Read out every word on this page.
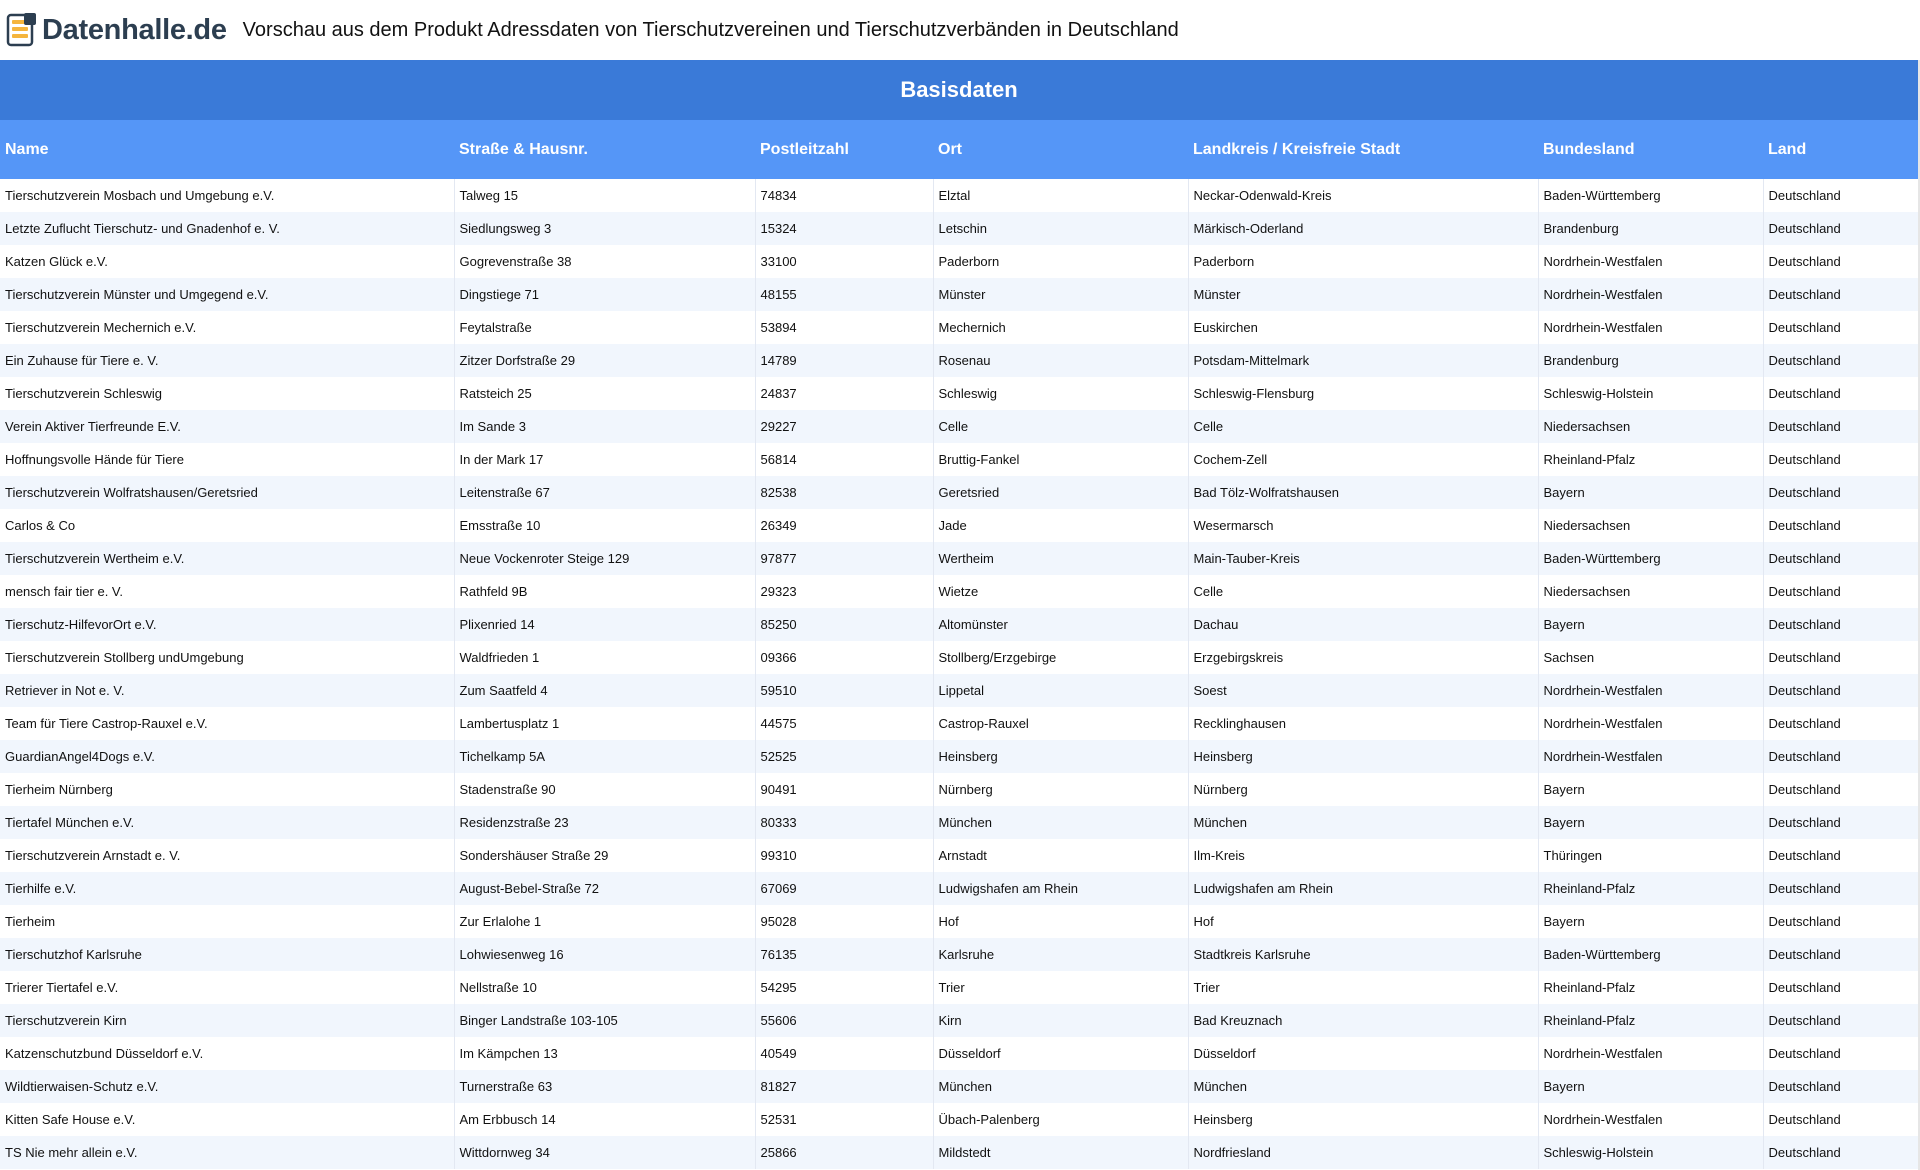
Datenhalle.de Vorschau aus dem Produkt Adressdaten von Tierschutzvereinen und Tierschutzverbänden in Deutschland
Basisdaten						
Name	Straße & Hausnr.	Postleitzahl	Ort	Landkreis / Kreisfreie Stadt	Bundesland	Land
Tierschutzverein Mosbach und Umgebung e.V.	Talweg 15	74834	Elztal	Neckar-Odenwald-Kreis	Baden-Württemberg	Deutschland
Letzte Zuflucht Tierschutz- und Gnadenhof e. V.	Siedlungsweg 3	15324	Letschin	Märkisch-Oderland	Brandenburg	Deutschland
Katzen Glück e.V.	Gogrevenstraße 38	33100	Paderborn	Paderborn	Nordrhein-Westfalen	Deutschland
Tierschutzverein Münster und Umgegend e.V.	Dingstiege 71	48155	Münster	Münster	Nordrhein-Westfalen	Deutschland
Tierschutzverein Mechernich e.V.	Feytalstraße	53894	Mechernich	Euskirchen	Nordrhein-Westfalen	Deutschland
Ein Zuhause für Tiere e. V.	Zitzer Dorfstraße 29	14789	Rosenau	Potsdam-Mittelmark	Brandenburg	Deutschland
Tierschutzverein Schleswig	Ratsteich 25	24837	Schleswig	Schleswig-Flensburg	Schleswig-Holstein	Deutschland
Verein Aktiver Tierfreunde E.V.	Im Sande 3	29227	Celle	Celle	Niedersachsen	Deutschland
Hoffnungsvolle Hände für Tiere	In der Mark 17	56814	Bruttig-Fankel	Cochem-Zell	Rheinland-Pfalz	Deutschland
Tierschutzverein Wolfratshausen/Geretsried	Leitenstraße 67	82538	Geretsried	Bad Tölz-Wolfratshausen	Bayern	Deutschland
Carlos & Co	Emsstraße 10	26349	Jade	Wesermarsch	Niedersachsen	Deutschland
Tierschutzverein Wertheim e.V.	Neue Vockenroter Steige 129	97877	Wertheim	Main-Tauber-Kreis	Baden-Württemberg	Deutschland
mensch fair tier e. V.	Rathfeld 9B	29323	Wietze	Celle	Niedersachsen	Deutschland
Tierschutz-HilfevorOrt e.V.	Plixenried 14	85250	Altomünster	Dachau	Bayern	Deutschland
Tierschutzverein Stollberg undUmgebung	Waldfrieden 1	09366	Stollberg/Erzgebirge	Erzgebirgskreis	Sachsen	Deutschland
Retriever in Not e. V.	Zum Saatfeld 4	59510	Lippetal	Soest	Nordrhein-Westfalen	Deutschland
Team für Tiere Castrop-Rauxel e.V.	Lambertusplatz 1	44575	Castrop-Rauxel	Recklinghausen	Nordrhein-Westfalen	Deutschland
GuardianAngel4Dogs e.V.	Tichelkamp 5A	52525	Heinsberg	Heinsberg	Nordrhein-Westfalen	Deutschland
Tierheim Nürnberg	Stadenstraße 90	90491	Nürnberg	Nürnberg	Bayern	Deutschland
Tiertafel München e.V.	Residenzstraße 23	80333	München	München	Bayern	Deutschland
Tierschutzverein Arnstadt e. V.	Sondershäuser Straße 29	99310	Arnstadt	Ilm-Kreis	Thüringen	Deutschland
Tierhilfe e.V.	August-Bebel-Straße 72	67069	Ludwigshafen am Rhein	Ludwigshafen am Rhein	Rheinland-Pfalz	Deutschland
Tierheim	Zur Erlalohe 1	95028	Hof	Hof	Bayern	Deutschland
Tierschutzhof Karlsruhe	Lohwiesenweg 16	76135	Karlsruhe	Stadtkreis Karlsruhe	Baden-Württemberg	Deutschland
Trierer Tiertafel e.V.	Nellstraße 10	54295	Trier	Trier	Rheinland-Pfalz	Deutschland
Tierschutzverein Kirn	Binger Landstraße 103-105	55606	Kirn	Bad Kreuznach	Rheinland-Pfalz	Deutschland
Katzenschutzbund Düsseldorf e.V.	Im Kämpchen 13	40549	Düsseldorf	Düsseldorf	Nordrhein-Westfalen	Deutschland
Wildtierwaisen-Schutz e.V.	Turnerstraße 63	81827	München	München	Bayern	Deutschland
Kitten Safe House e.V.	Am Erbbusch 14	52531	Übach-Palenberg	Heinsberg	Nordrhein-Westfalen	Deutschland
TS Nie mehr allein e.V.	Wittdornweg 34	25866	Mildstedt	Nordfriesland	Schleswig-Holstein	Deutschland
